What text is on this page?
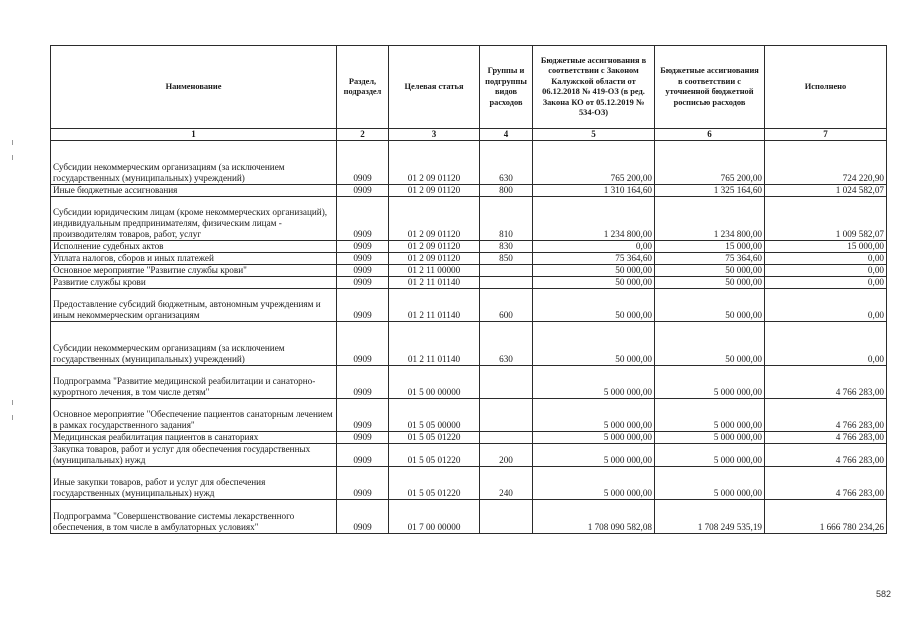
Наименование	Раздел, подраздел	Целевая статья	Группы и подгруппы видов расходов	Бюджетные ассигнования в соответствии с Законом Калужской области от 06.12.2018 № 419-ОЗ (в ред. Закона КО от 05.12.2019 № 534-ОЗ)	Бюджетные ассигнования в соответствии с уточненной бюджетной росписью расходов	Исполнено
1	2	3	4	5	6	7
Субсидии некоммерческим организациям (за исключением государственных (муниципальных) учреждений)	0909	01 2 09 01120	630	765 200,00	765 200,00	724 220,90
Иные бюджетные ассигнования	0909	01 2 09 01120	800	1 310 164,60	1 325 164,60	1 024 582,07
Субсидии юридическим лицам (кроме некоммерческих организаций), индивидуальным предпринимателям, физическим лицам - производителям товаров, работ, услуг	0909	01 2 09 01120	810	1 234 800,00	1 234 800,00	1 009 582,07
Исполнение судебных актов	0909	01 2 09 01120	830	0,00	15 000,00	15 000,00
Уплата налогов, сборов и иных платежей	0909	01 2 09 01120	850	75 364,60	75 364,60	0,00
Основное мероприятие "Развитие службы крови"	0909	01 2 11 00000		50 000,00	50 000,00	0,00
Развитие службы крови	0909	01 2 11 01140		50 000,00	50 000,00	0,00
Предоставление субсидий бюджетным, автономным учреждениям и иным некоммерческим организациям	0909	01 2 11 01140	600	50 000,00	50 000,00	0,00
Субсидии некоммерческим организациям (за исключением государственных (муниципальных) учреждений)	0909	01 2 11 01140	630	50 000,00	50 000,00	0,00
Подпрограмма "Развитие медицинской реабилитации и санаторно-курортного лечения, в том числе детям"	0909	01 5 00 00000		5 000 000,00	5 000 000,00	4 766 283,00
Основное мероприятие "Обеспечение пациентов санаторным лечением в рамках государственного задания"	0909	01 5 05 00000		5 000 000,00	5 000 000,00	4 766 283,00
Медицинская реабилитация пациентов в санаториях	0909	01 5 05 01220		5 000 000,00	5 000 000,00	4 766 283,00
Закупка товаров, работ и услуг для обеспечения государственных (муниципальных) нужд	0909	01 5 05 01220	200	5 000 000,00	5 000 000,00	4 766 283,00
Иные закупки товаров, работ и услуг для обеспечения государственных (муниципальных) нужд	0909	01 5 05 01220	240	5 000 000,00	5 000 000,00	4 766 283,00
Подпрограмма "Совершенствование системы лекарственного обеспечения, в том числе в амбулаторных условиях"	0909	01 7 00 00000		1 708 090 582,08	1 708 249 535,19	1 666 780 234,26
582
